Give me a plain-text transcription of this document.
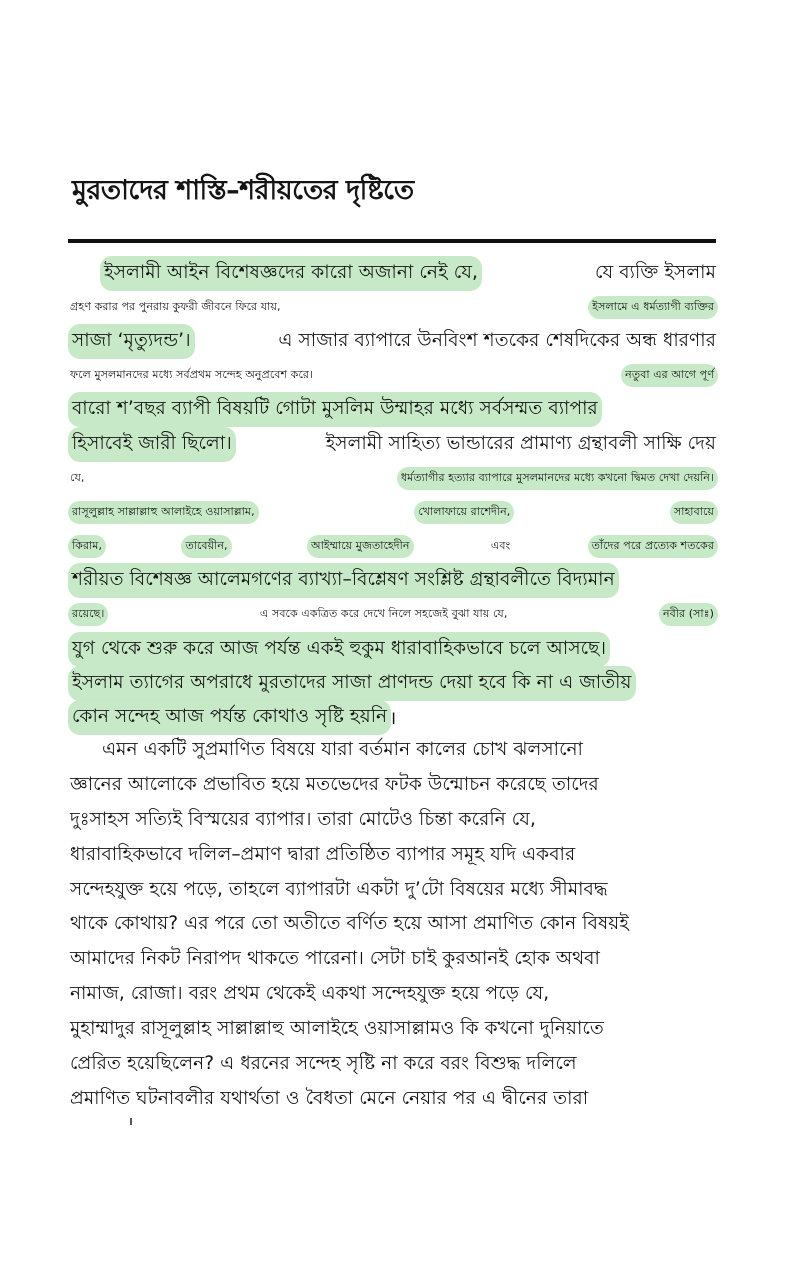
মুরতাদের শাস্তি–শরীয়তের দৃষ্টিতে
ইসলামী আইন বিশেষজ্ঞদের কারো অজানা নেই যে,	যে ব্যক্তি ইসলাম
গ্রহণ করার পর পুনরায় কুফরী জীবনে ফিরে যায়,	ইসলামে এ ধর্মত্যাগী ব্যক্তির
সাজা ‘মৃত্যুদন্ড’।	এ সাজার ব্যাপারে উনবিংশ শতকের শেষদিকের অন্ধ ধারণার
ফলে মুসলমানদের মধ্যে সর্বপ্রথম সন্দেহ অনুপ্রবেশ করে।	নতুবা এর আগে পূর্ণ
বারো শ’বছর ব্যাপী বিষয়টি গোটা মুসলিম উম্মাহর মধ্যে সর্বসম্মত ব্যাপার
হিসাবেই জারী ছিলো।	ইসলামী সাহিত্য ভান্ডারের প্রামাণ্য গ্রন্থাবলী সাক্ষি দেয়
যে,	ধর্মত্যাগীর হত্যার ব্যাপারে মুসলমানদের মধ্যে কখনো দ্বিমত দেখা দেয়নি।
রাসূলুল্লাহ সাল্লাল্লাহু আলাইহে ওয়াসাল্লাম,	খোলাফায়ে রাশেদীন,	সাহাবায়ে
কিরাম,	তাবেয়ীন,	আইম্মায়ে মুজতাহেদীন	এবং	তাঁদের পরে প্রত্যেক শতকের
শরীয়ত বিশেষজ্ঞ আলেমগণের ব্যাখ্যা–বিশ্লেষণ সংশ্লিষ্ট গ্রন্থাবলীতে বিদ্যমান
রয়েছে।	এ সবকে একত্রিত করে দেখে নিলে সহজেই বুঝা যায় যে,	নবীর (সাঃ)
যুগ থেকে শুরু করে আজ পর্যন্ত একই হুকুম ধারাবাহিকভাবে চলে আসছে।
ইসলাম ত্যাগের অপরাধে মুরতাদের সাজা প্রাণদন্ড দেয়া হবে কি না এ জাতীয়
কোন সন্দেহ আজ পর্যন্ত কোথাও সৃষ্টি হয়নি ।
এমন একটি সুপ্রমাণিত বিষয়ে যারা বর্তমান কালের চোখ ঝলসানো
জ্ঞানের আলোকে প্রভাবিত হয়ে মতভেদের ফটক উন্মোচন করেছে তাদের
দুঃসাহস সত্যিই বিস্ময়ের ব্যাপার। তারা মোটেও চিন্তা করেনি যে,
ধারাবাহিকভাবে দলিল–প্রমাণ দ্বারা প্রতিষ্ঠিত ব্যাপার সমূহ যদি একবার
সন্দেহযুক্ত হয়ে পড়ে, তাহলে ব্যাপারটা একটা দু’টো বিষয়ের মধ্যে সীমাবদ্ধ
থাকে কোথায়? এর পরে তো অতীতে বর্ণিত হয়ে আসা প্রমাণিত কোন বিষয়ই
আমাদের নিকট নিরাপদ থাকতে পারেনা। সেটা চাই কুরআনই হোক অথবা
নামাজ, রোজা। বরং প্রথম থেকেই একথা সন্দেহযুক্ত হয়ে পড়ে যে,
মুহাম্মাদুর রাসূলুল্লাহ সাল্লাল্লাহু আলাইহে ওয়াসাল্লামও কি কখনো দুনিয়াতে
প্রেরিত হয়েছিলেন? এ ধরনের সন্দেহ সৃষ্টি না করে বরং বিশুদ্ধ দলিলে
প্রমাণিত ঘটনাবলীর যথার্থতা ও বৈধতা মেনে নেয়ার পর এ দ্বীনের তারা
